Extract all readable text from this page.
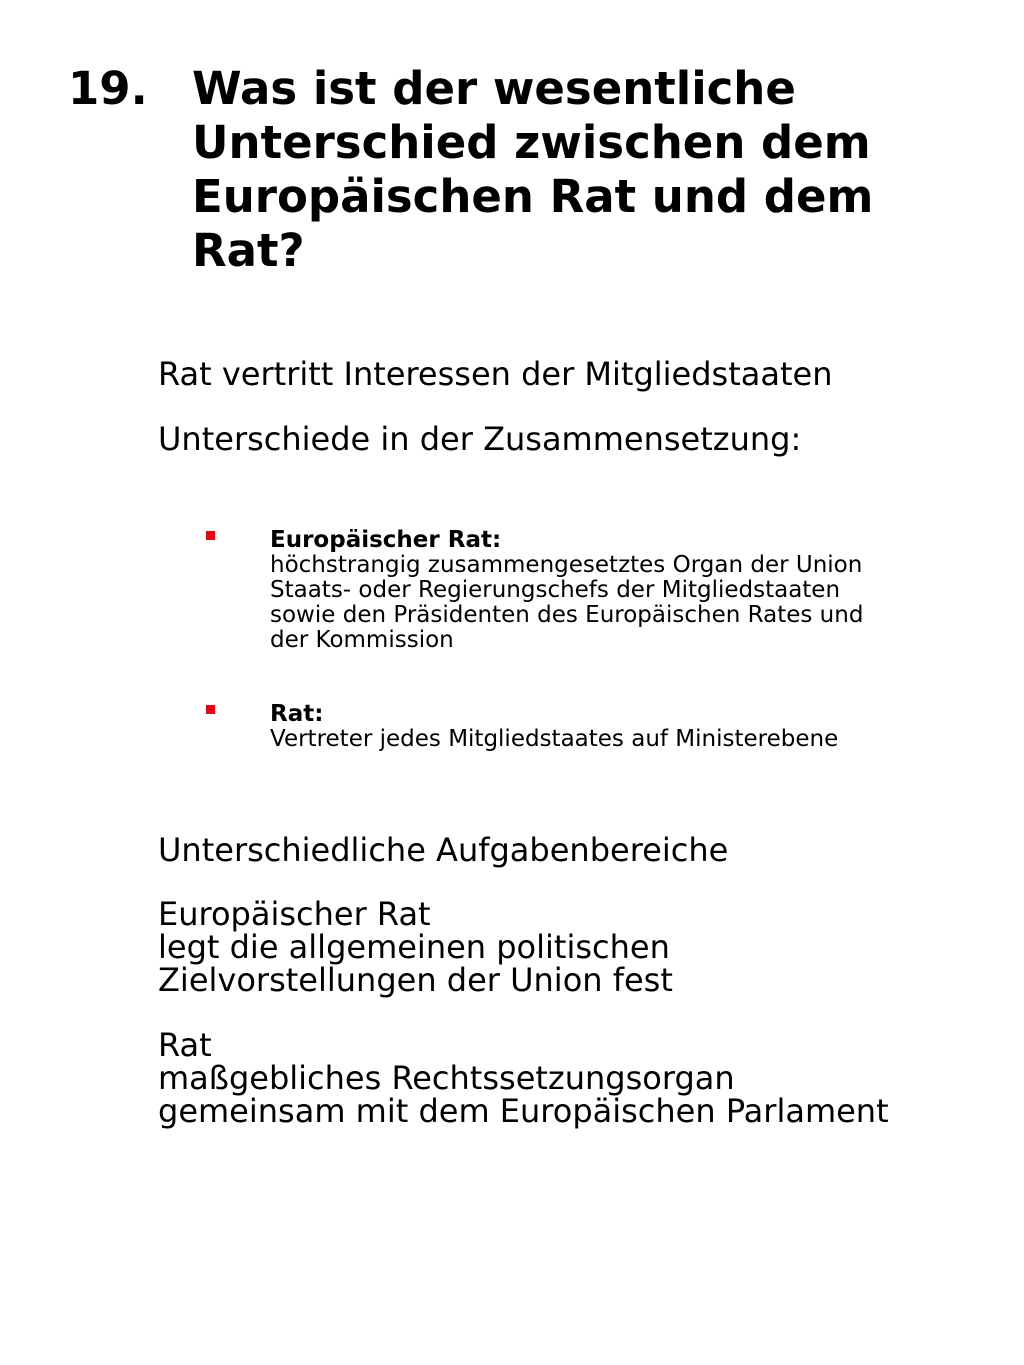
19. Was ist der wesentliche
Unterschied zwischen dem
Europäischen Rat und dem
Rat?
Rat vertritt Interessen der Mitgliedstaaten
Unterschiede in der Zusammensetzung:
Europäischer Rat:
höchstrangig zusammengesetztes Organ der Union
Staats- oder Regierungschefs der Mitgliedstaaten
sowie den Präsidenten des Europäischen Rates und
der Kommission
Rat:
Vertreter jedes Mitgliedstaates auf Ministerebene
Unterschiedliche Aufgabenbereiche
Europäischer Rat
legt die allgemeinen politischen
Zielvorstellungen der Union fest
Rat
maßgebliches Rechtssetzungsorgan
gemeinsam mit dem Europäischen Parlament
